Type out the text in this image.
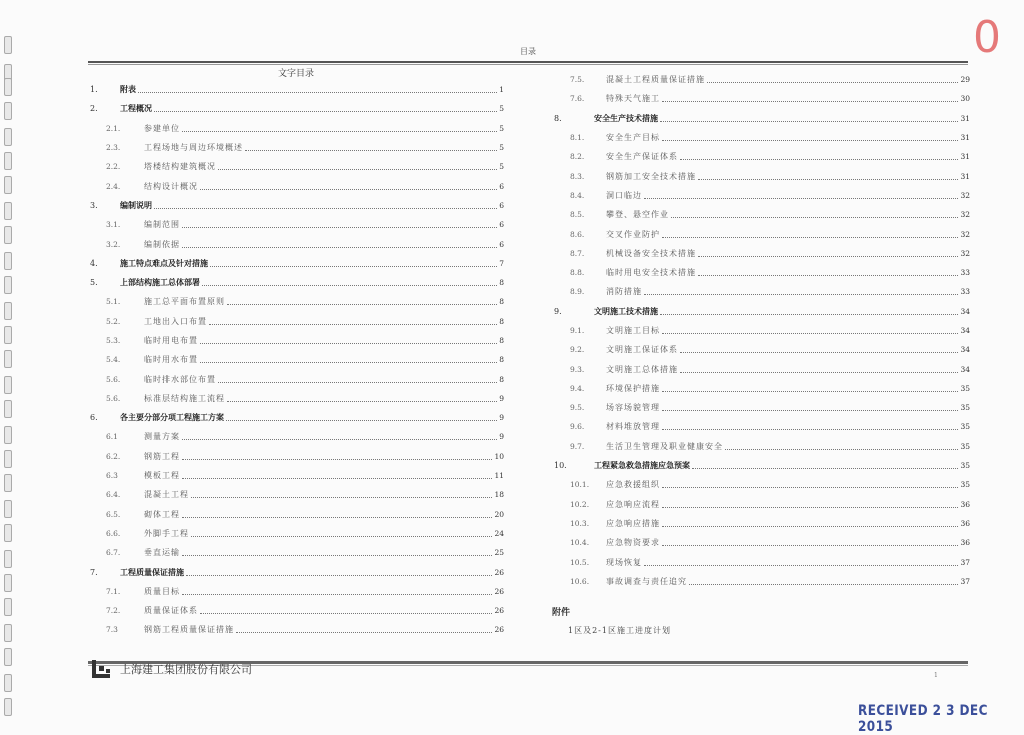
0
目录
文字目录
1.	附表	1
2.	工程概况	5
2.1.	参建单位	5
2.3.	工程场地与周边环境概述	5
2.2.	塔楼结构建筑概况	5
2.4.	结构设计概况	6
3.	编制说明	6
3.1.	编制范围	6
3.2.	编制依据	6
4.	施工特点难点及针对措施	7
5.	上部结构施工总体部署	8
5.1.	施工总平面布置原则	8
5.2.	工地出入口布置	8
5.3.	临时用电布置	8
5.4.	临时用水布置	8
5.6.	临时排水部位布置	8
5.6.	标准层结构施工流程	9
6.	各主要分部分项工程施工方案	9
6.1	测量方案	9
6.2.	钢筋工程	10
6.3	模板工程	11
6.4.	混凝土工程	18
6.5.	砌体工程	20
6.6.	外脚手工程	24
6.7.	垂直运输	25
7.	工程质量保证措施	26
7.1.	质量目标	26
7.2.	质量保证体系	26
7.3	钢筋工程质量保证措施	26
7.5.	混凝土工程质量保证措施	29
7.6.	特殊天气施工	30
8.	安全生产技术措施	31
8.1.	安全生产目标	31
8.2.	安全生产保证体系	31
8.3.	钢筋加工安全技术措施	31
8.4.	洞口临边	32
8.5.	攀登、悬空作业	32
8.6.	交叉作业防护	32
8.7.	机械设备安全技术措施	32
8.8.	临时用电安全技术措施	33
8.9.	消防措施	33
9.	文明施工技术措施	34
9.1.	文明施工目标	34
9.2.	文明施工保证体系	34
9.3.	文明施工总体措施	34
9.4.	环境保护措施	35
9.5.	场容场貌管理	35
9.6.	材料堆放管理	35
9.7.	生活卫生管理及职业健康安全	35
10.	工程紧急救急措施应急预案	35
10.1.	应急救援组织	35
10.2.	应急响应流程	36
10.3.	应急响应措施	36
10.4.	应急物资要求	36
10.5.	现场恢复	37
10.6.	事故调查与责任追究	37
附件
1区及2-1区施工进度计划
上海建工集团股份有限公司	1
RECEIVED 2 3 DEC 2015
